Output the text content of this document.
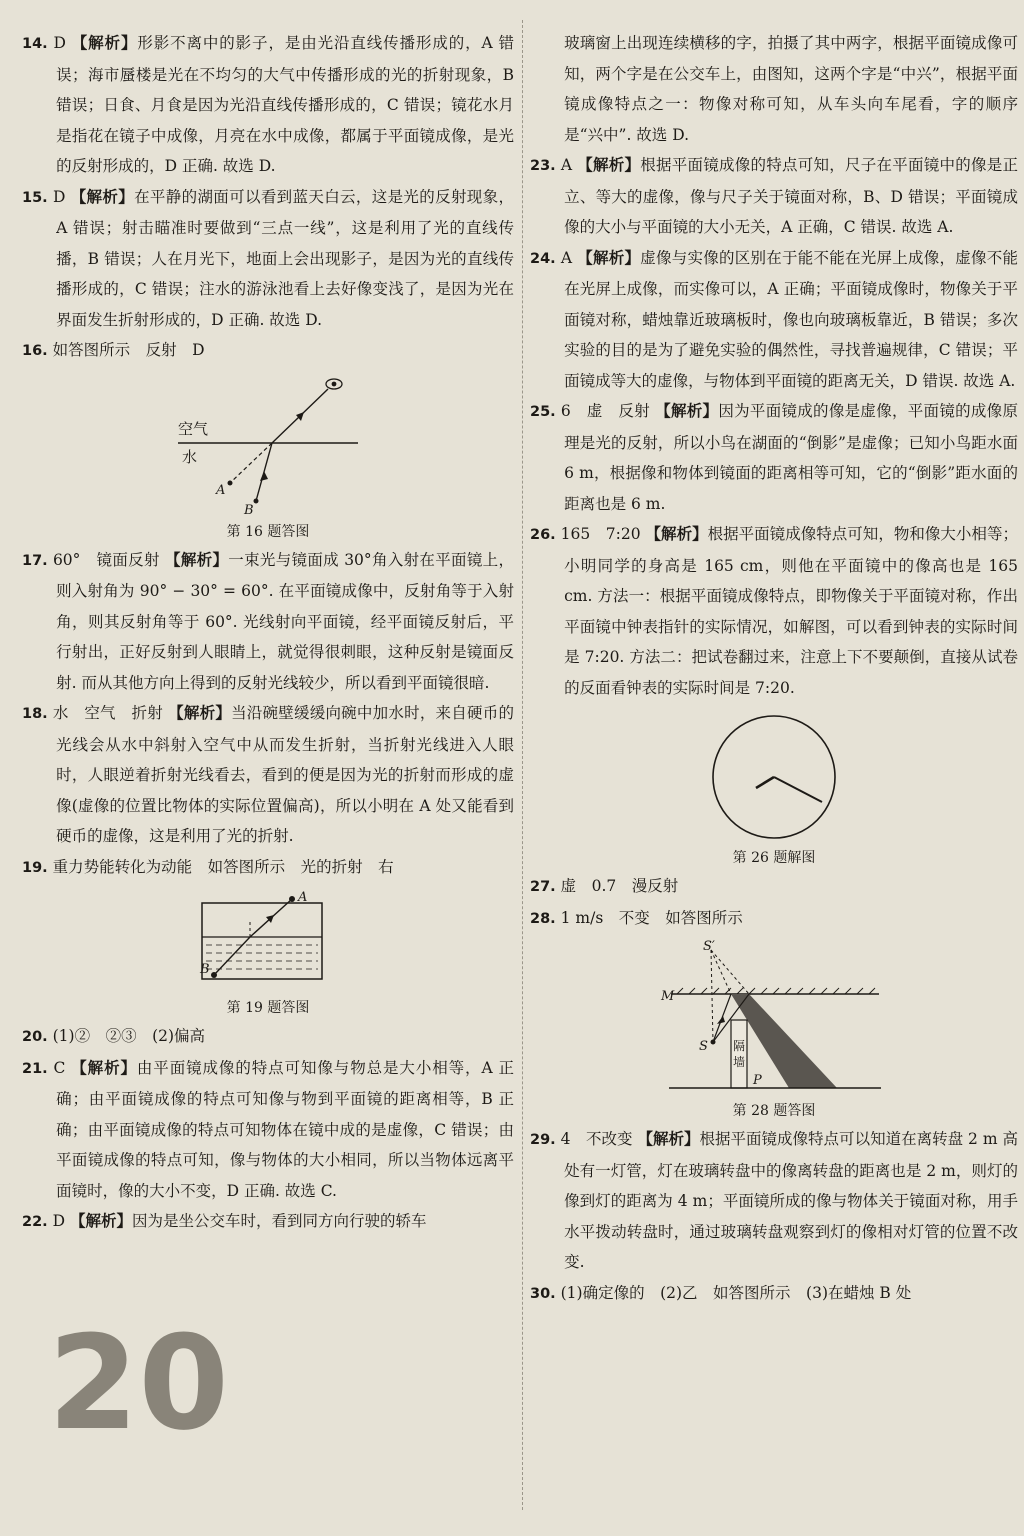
14. D 【解析】形影不离中的影子，是由光沿直线传播形成的，A 错误；海市蜃楼是光在不均匀的大气中传播形成的光的折射现象，B 错误；日食、月食是因为光沿直线传播形成的，C 错误；镜花水月是指花在镜子中成像，月亮在水中成像，都属于平面镜成像，是光的反射形成的，D 正确. 故选 D.

15. D 【解析】在平静的湖面可以看到蓝天白云，这是光的反射现象，A 错误；射击瞄准时要做到“三点一线”，这是利用了光的直线传播，B 错误；人在月光下，地面上会出现影子，是因为光的直线传播形成的，C 错误；注水的游泳池看上去好像变浅了，是因为光在界面发生折射形成的，D 正确. 故选 D.

16. 如答图所示　反射　D

空气
水
A
B
第 16 题答图

17. 60°　镜面反射 【解析】一束光与镜面成 30°角入射在平面镜上，则入射角为 90° − 30° = 60°. 在平面镜成像中，反射角等于入射角，则其反射角等于 60°. 光线射向平面镜，经平面镜反射后，平行射出，正好反射到人眼睛上，就觉得很刺眼，这种反射是镜面反射. 而从其他方向上得到的反射光线较少，所以看到平面镜很暗.

18. 水　空气　折射 【解析】当沿碗壁缓缓向碗中加水时，来自硬币的光线会从水中斜射入空气中从而发生折射，当折射光线进入人眼时，人眼逆着折射光线看去，看到的便是因为光的折射而形成的虚像(虚像的位置比物体的实际位置偏高)，所以小明在 A 处又能看到硬币的虚像，这是利用了光的折射.

19. 重力势能转化为动能　如答图所示　光的折射　右

A
B
第 19 题答图

20. (1)②　②③　(2)偏高

21. C 【解析】由平面镜成像的特点可知像与物总是大小相等，A 正确；由平面镜成像的特点可知像与物到平面镜的距离相等，B 正确；由平面镜成像的特点可知物体在镜中成的是虚像，C 错误；由平面镜成像的特点可知，像与物体的大小相同，所以当物体远离平面镜时，像的大小不变，D 正确. 故选 C.

22. D 【解析】因为是坐公交车时，看到同方向行驶的轿车

玻璃窗上出现连续横移的字，拍摄了其中两字，根据平面镜成像可知，两个字是在公交车上，由图知，这两个字是“中兴”，根据平面镜成像特点之一：物像对称可知，从车头向车尾看，字的顺序是“兴中”. 故选 D.

23. A 【解析】根据平面镜成像的特点可知，尺子在平面镜中的像是正立、等大的虚像，像与尺子关于镜面对称，B、D 错误；平面镜成像的大小与平面镜的大小无关，A 正确，C 错误. 故选 A.

24. A 【解析】虚像与实像的区别在于能不能在光屏上成像，虚像不能在光屏上成像，而实像可以，A 正确；平面镜成像时，物像关于平面镜对称，蜡烛靠近玻璃板时，像也向玻璃板靠近，B 错误；多次实验的目的是为了避免实验的偶然性，寻找普遍规律，C 错误；平面镜成等大的虚像，与物体到平面镜的距离无关，D 错误. 故选 A.

25. 6　虚　反射 【解析】因为平面镜成的像是虚像，平面镜的成像原理是光的反射，所以小鸟在湖面的“倒影”是虚像；已知小鸟距水面 6 m，根据像和物体到镜面的距离相等可知，它的“倒影”距水面的距离也是 6 m.

26. 165　7:20 【解析】根据平面镜成像特点可知，物和像大小相等；小明同学的身高是 165 cm，则他在平面镜中的像高也是 165 cm. 方法一：根据平面镜成像特点，即物像关于平面镜对称，作出平面镜中钟表指针的实际情况，如解图，可以看到钟表的实际时间是 7:20. 方法二：把试卷翻过来，注意上下不要颠倒，直接从试卷的反面看钟表的实际时间是 7:20.

第 26 题解图

27. 虚　0.7　漫反射

28. 1 m/s　不变　如答图所示

S′
M
S 隔
墙
P
第 28 题答图

29. 4　不改变 【解析】根据平面镜成像特点可以知道在离转盘 2 m 高处有一灯管，灯在玻璃转盘中的像离转盘的距离也是 2 m，则灯的像到灯的距离为 4 m；平面镜所成的像与物体关于镜面对称，用手水平拨动转盘时，通过玻璃转盘观察到灯的像相对灯管的位置不改变.

30. (1)确定像的　(2)乙　如答图所示　(3)在蜡烛 B 处

20
